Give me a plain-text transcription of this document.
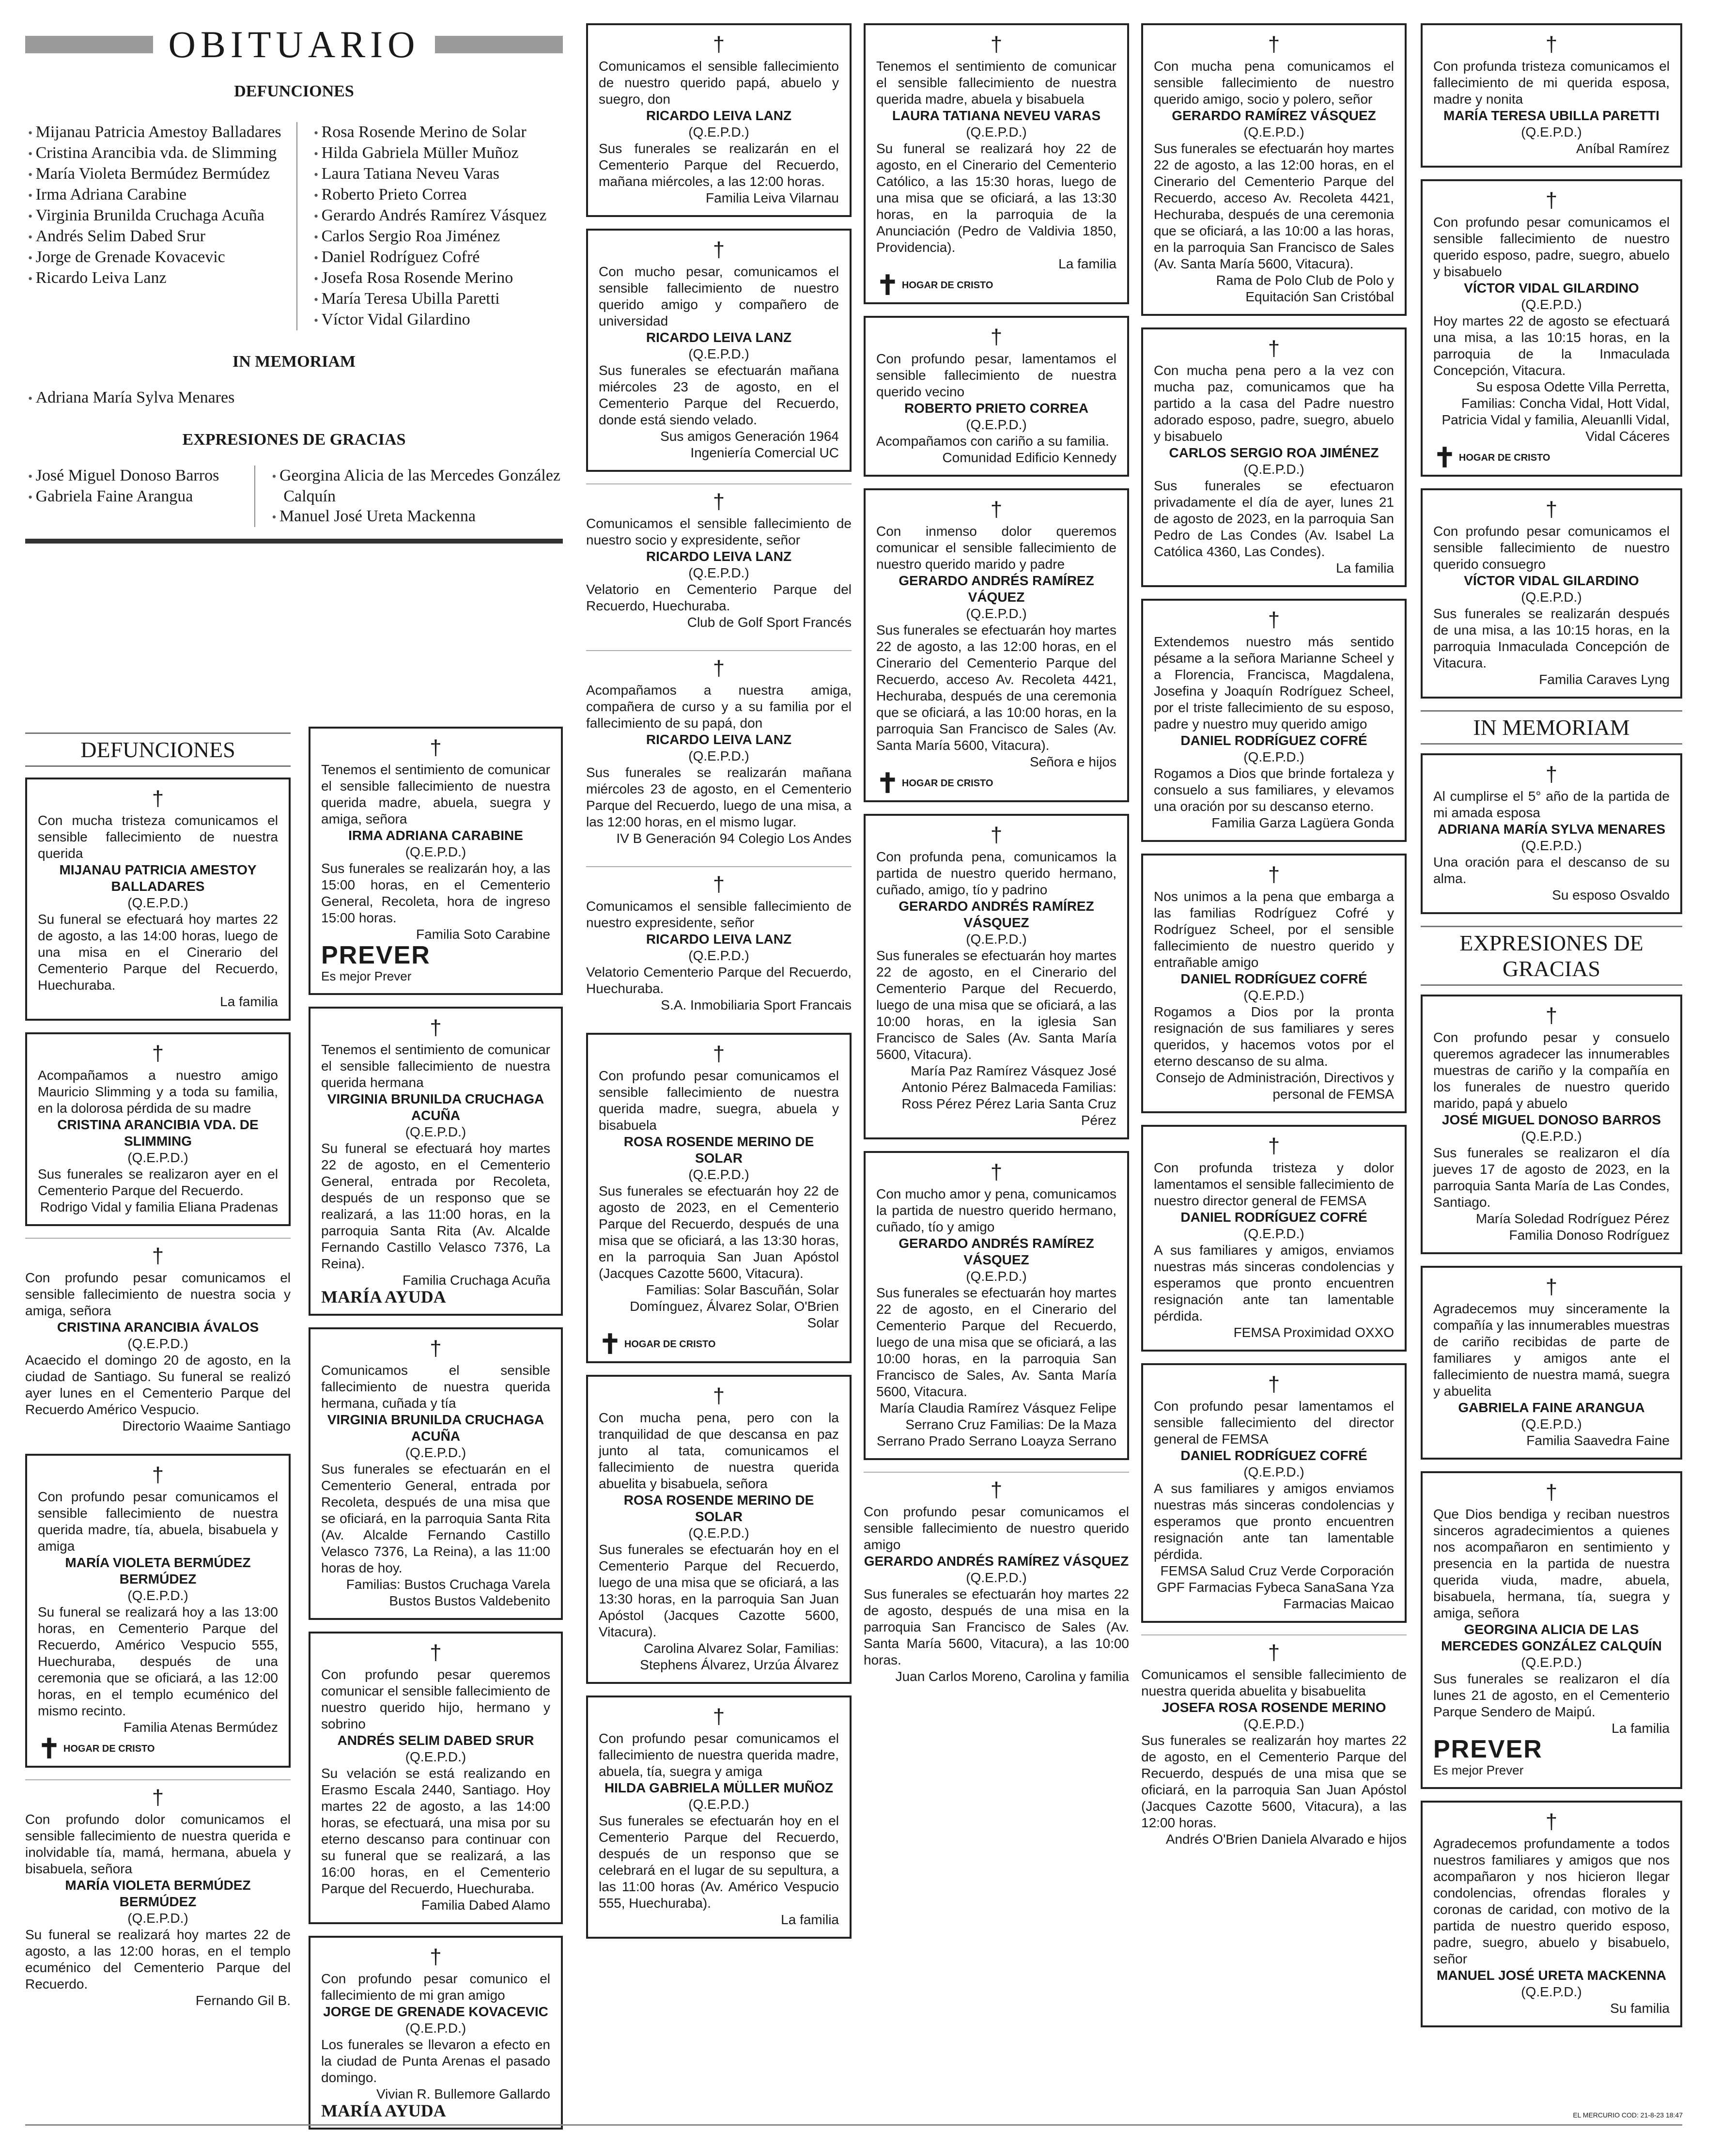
OBITUARIO
DEFUNCIONES
• Mijanau Patricia Amestoy Balladares
• Cristina Arancibia vda. de Slimming
• María Violeta Bermúdez Bermúdez
• Irma Adriana Carabine
• Virginia Brunilda Cruchaga Acuña
• Andrés Selim Dabed Srur
• Jorge de Grenade Kovacevic
• Ricardo Leiva Lanz
• Rosa Rosende Merino de Solar
• Hilda Gabriela Müller Muñoz
• Laura Tatiana Neveu Varas
• Roberto Prieto Correa
• Gerardo Andrés Ramírez Vásquez
• Carlos Sergio Roa Jiménez
• Daniel Rodríguez Cofré
• Josefa Rosa Rosende Merino
• María Teresa Ubilla Paretti
• Víctor Vidal Gilardino
IN MEMORIAM
• Adriana María Sylva Menares
EXPRESIONES DE GRACIAS
• José Miguel Donoso Barros
• Gabriela Faine Arangua
• Georgina Alicia de las Mercedes González Calquín
• Manuel José Ureta Mackenna
DEFUNCIONES
†
Con mucha tristeza comunicamos el sensible fallecimiento de nuestra querida
MIJANAU PATRICIA AMESTOY BALLADARES
(Q.E.P.D.)
Su funeral se efectuará hoy martes 22 de agosto, a las 14:00 horas, luego de una misa en el Cinerario del Cementerio Parque del Recuerdo, Huechuraba.
La familia
†
Acompañamos a nuestro amigo Mauricio Slimming y a toda su familia, en la dolorosa pérdida de su madre
CRISTINA ARANCIBIA VDA. DE SLIMMING
(Q.E.P.D.)
Sus funerales se realizaron ayer en el Cementerio Parque del Recuerdo.
Rodrigo Vidal y familia Eliana Pradenas
†
Con profundo pesar comunicamos el sensible fallecimiento de nuestra socia y amiga, señora
CRISTINA ARANCIBIA ÁVALOS
(Q.E.P.D.)
Acaecido el domingo 20 de agosto, en la ciudad de Santiago. Su funeral se realizó ayer lunes en el Cementerio Parque del Recuerdo Américo Vespucio.
Directorio Waaime Santiago
†
Con profundo pesar comunicamos el sensible fallecimiento de nuestra querida madre, tía, abuela, bisabuela y amiga
MARÍA VIOLETA BERMÚDEZ BERMÚDEZ
(Q.E.P.D.)
Su funeral se realizará hoy a las 13:00 horas, en Cementerio Parque del Recuerdo, Américo Vespucio 555, Huechuraba, después de una ceremonia que se oficiará, a las 12:00 horas, en el templo ecuménico del mismo recinto.
Familia Atenas Bermúdez
✝ HOGAR DE CRISTO
†
Con profundo dolor comunicamos el sensible fallecimiento de nuestra querida e inolvidable tía, mamá, hermana, abuela y bisabuela, señora
MARÍA VIOLETA BERMÚDEZ BERMÚDEZ
(Q.E.P.D.)
Su funeral se realizará hoy martes 22 de agosto, a las 12:00 horas, en el templo ecuménico del Cementerio Parque del Recuerdo.
Fernando Gil B.
†
Tenemos el sentimiento de comunicar el sensible fallecimiento de nuestra querida madre, abuela, suegra y amiga, señora
IRMA ADRIANA CARABINE
(Q.E.P.D.)
Sus funerales se realizarán hoy, a las 15:00 horas, en el Cementerio General, Recoleta, hora de ingreso 15:00 horas.
Familia Soto Carabine
PREVER
Es mejor Prever
†
Tenemos el sentimiento de comunicar el sensible fallecimiento de nuestra querida hermana
VIRGINIA BRUNILDA CRUCHAGA ACUÑA
(Q.E.P.D.)
Su funeral se efectuará hoy martes 22 de agosto, en el Cementerio General, entrada por Recoleta, después de un responso que se realizará, a las 11:00 horas, en la parroquia Santa Rita (Av. Alcalde Fernando Castillo Velasco 7376, La Reina).
Familia Cruchaga Acuña
MARÍA AYUDA
†
Comunicamos el sensible fallecimiento de nuestra querida hermana, cuñada y tía
VIRGINIA BRUNILDA CRUCHAGA ACUÑA
(Q.E.P.D.)
Sus funerales se efectuarán en el Cementerio General, entrada por Recoleta, después de una misa que se oficiará, en la parroquia Santa Rita (Av. Alcalde Fernando Castillo Velasco 7376, La Reina), a las 11:00 horas de hoy.
Familias: Bustos Cruchaga Varela Bustos Bustos Valdebenito
†
Con profundo pesar queremos comunicar el sensible fallecimiento de nuestro querido hijo, hermano y sobrino
ANDRÉS SELIM DABED SRUR
(Q.E.P.D.)
Su velación se está realizando en Erasmo Escala 2440, Santiago. Hoy martes 22 de agosto, a las 14:00 horas, se efectuará, una misa por su eterno descanso para continuar con su funeral que se realizará, a las 16:00 horas, en el Cementerio Parque del Recuerdo, Huechuraba.
Familia Dabed Alamo
†
Con profundo pesar comunico el fallecimiento de mi gran amigo
JORGE DE GRENADE KOVACEVIC
(Q.E.P.D.)
Los funerales se llevaron a efecto en la ciudad de Punta Arenas el pasado domingo.
Vivian R. Bullemore Gallardo
MARÍA AYUDA
†
Comunicamos el sensible fallecimiento de nuestro querido papá, abuelo y suegro, don
RICARDO LEIVA LANZ
(Q.E.P.D.)
Sus funerales se realizarán en el Cementerio Parque del Recuerdo, mañana miércoles, a las 12:00 horas.
Familia Leiva Vilarnau
†
Con mucho pesar, comunicamos el sensible fallecimiento de nuestro querido amigo y compañero de universidad
RICARDO LEIVA LANZ
(Q.E.P.D.)
Sus funerales se efectuarán mañana miércoles 23 de agosto, en el Cementerio Parque del Recuerdo, donde está siendo velado.
Sus amigos Generación 1964 Ingeniería Comercial UC
†
Comunicamos el sensible fallecimiento de nuestro socio y expresidente, señor
RICARDO LEIVA LANZ
(Q.E.P.D.)
Velatorio en Cementerio Parque del Recuerdo, Huechuraba.
Club de Golf Sport Francés
†
Acompañamos a nuestra amiga, compañera de curso y a su familia por el fallecimiento de su papá, don
RICARDO LEIVA LANZ
(Q.E.P.D.)
Sus funerales se realizarán mañana miércoles 23 de agosto, en el Cementerio Parque del Recuerdo, luego de una misa, a las 12:00 horas, en el mismo lugar.
IV B Generación 94 Colegio Los Andes
†
Comunicamos el sensible fallecimiento de nuestro expresidente, señor
RICARDO LEIVA LANZ
(Q.E.P.D.)
Velatorio Cementerio Parque del Recuerdo, Huechuraba.
S.A. Inmobiliaria Sport Francais
†
Con profundo pesar comunicamos el sensible fallecimiento de nuestra querida madre, suegra, abuela y bisabuela
ROSA ROSENDE MERINO DE SOLAR
(Q.E.P.D.)
Sus funerales se efectuarán hoy 22 de agosto de 2023, en el Cementerio Parque del Recuerdo, después de una misa que se oficiará, a las 13:30 horas, en la parroquia San Juan Apóstol (Jacques Cazotte 5600, Vitacura).
Familias: Solar Bascuñán, Solar Domínguez, Álvarez Solar, O'Brien Solar
✝ HOGAR DE CRISTO
†
Con mucha pena, pero con la tranquilidad de que descansa en paz junto al tata, comunicamos el fallecimiento de nuestra querida abuelita y bisabuela, señora
ROSA ROSENDE MERINO DE SOLAR
(Q.E.P.D.)
Sus funerales se efectuarán hoy en el Cementerio Parque del Recuerdo, luego de una misa que se oficiará, a las 13:30 horas, en la parroquia San Juan Apóstol (Jacques Cazotte 5600, Vitacura).
Carolina Alvarez Solar, Familias: Stephens Álvarez, Urzúa Álvarez
†
Con profundo pesar comunicamos el fallecimiento de nuestra querida madre, abuela, tía, suegra y amiga
HILDA GABRIELA MÜLLER MUÑOZ
(Q.E.P.D.)
Sus funerales se efectuarán hoy en el Cementerio Parque del Recuerdo, después de un responso que se celebrará en el lugar de su sepultura, a las 11:00 horas (Av. Américo Vespucio 555, Huechuraba).
La familia
†
Tenemos el sentimiento de comunicar el sensible fallecimiento de nuestra querida madre, abuela y bisabuela
LAURA TATIANA NEVEU VARAS
(Q.E.P.D.)
Su funeral se realizará hoy 22 de agosto, en el Cinerario del Cementerio Católico, a las 15:30 horas, luego de una misa que se oficiará, a las 13:30 horas, en la parroquia de la Anunciación (Pedro de Valdivia 1850, Providencia).
La familia
✝ HOGAR DE CRISTO
†
Con profundo pesar, lamentamos el sensible fallecimiento de nuestra querido vecino
ROBERTO PRIETO CORREA
(Q.E.P.D.)
Acompañamos con cariño a su familia.
Comunidad Edificio Kennedy
†
Con inmenso dolor queremos comunicar el sensible fallecimiento de nuestro querido marido y padre
GERARDO ANDRÉS RAMÍREZ VÁQUEZ
(Q.E.P.D.)
Sus funerales se efectuarán hoy martes 22 de agosto, a las 12:00 horas, en el Cinerario del Cementerio Parque del Recuerdo, acceso Av. Recoleta 4421, Hechuraba, después de una ceremonia que se oficiará, a las 10:00 horas, en la parroquia San Francisco de Sales (Av. Santa María 5600, Vitacura).
Señora e hijos
✝ HOGAR DE CRISTO
†
Con profunda pena, comunicamos la partida de nuestro querido hermano, cuñado, amigo, tío y padrino
GERARDO ANDRÉS RAMÍREZ VÁSQUEZ
(Q.E.P.D.)
Sus funerales se efectuarán hoy martes 22 de agosto, en el Cinerario del Cementerio Parque del Recuerdo, luego de una misa que se oficiará, a las 10:00 horas, en la iglesia San Francisco de Sales (Av. Santa María 5600, Vitacura).
María Paz Ramírez Vásquez José Antonio Pérez Balmaceda Familias: Ross Pérez Pérez Laria Santa Cruz Pérez
†
Con mucho amor y pena, comunicamos la partida de nuestro querido hermano, cuñado, tío y amigo
GERARDO ANDRÉS RAMÍREZ VÁSQUEZ
(Q.E.P.D.)
Sus funerales se efectuarán hoy martes 22 de agosto, en el Cinerario del Cementerio Parque del Recuerdo, luego de una misa que se oficiará, a las 10:00 horas, en la parroquia San Francisco de Sales, Av. Santa María 5600, Vitacura.
María Claudia Ramírez Vásquez Felipe Serrano Cruz Familias: De la Maza Serrano Prado Serrano Loayza Serrano
†
Con profundo pesar comunicamos el sensible fallecimiento de nuestro querido amigo
GERARDO ANDRÉS RAMÍREZ VÁSQUEZ
(Q.E.P.D.)
Sus funerales se efectuarán hoy martes 22 de agosto, después de una misa en la parroquia San Francisco de Sales (Av. Santa María 5600, Vitacura), a las 10:00 horas.
Juan Carlos Moreno, Carolina y familia
†
Con mucha pena comunicamos el sensible fallecimiento de nuestro querido amigo, socio y polero, señor
GERARDO RAMÍREZ VÁSQUEZ
(Q.E.P.D.)
Sus funerales se efectuarán hoy martes 22 de agosto, a las 12:00 horas, en el Cinerario del Cementerio Parque del Recuerdo, acceso Av. Recoleta 4421, Hechuraba, después de una ceremonia que se oficiará, a las 10:00 a las horas, en la parroquia San Francisco de Sales (Av. Santa María 5600, Vitacura).
Rama de Polo Club de Polo y Equitación San Cristóbal
†
Con mucha pena pero a la vez con mucha paz, comunicamos que ha partido a la casa del Padre nuestro adorado esposo, padre, suegro, abuelo y bisabuelo
CARLOS SERGIO ROA JIMÉNEZ
(Q.E.P.D.)
Sus funerales se efectuaron privadamente el día de ayer, lunes 21 de agosto de 2023, en la parroquia San Pedro de Las Condes (Av. Isabel La Católica 4360, Las Condes).
La familia
†
Extendemos nuestro más sentido pésame a la señora Marianne Scheel y a Florencia, Francisca, Magdalena, Josefina y Joaquín Rodríguez Scheel, por el triste fallecimiento de su esposo, padre y nuestro muy querido amigo
DANIEL RODRÍGUEZ COFRÉ
(Q.E.P.D.)
Rogamos a Dios que brinde fortaleza y consuelo a sus familiares, y elevamos una oración por su descanso eterno.
Familia Garza Lagüera Gonda
†
Nos unimos a la pena que embarga a las familias Rodríguez Cofré y Rodríguez Scheel, por el sensible fallecimiento de nuestro querido y entrañable amigo
DANIEL RODRÍGUEZ COFRÉ
(Q.E.P.D.)
Rogamos a Dios por la pronta resignación de sus familiares y seres queridos, y hacemos votos por el eterno descanso de su alma.
Consejo de Administración, Directivos y personal de FEMSA
†
Con profunda tristeza y dolor lamentamos el sensible fallecimiento de nuestro director general de FEMSA
DANIEL RODRÍGUEZ COFRÉ
(Q.E.P.D.)
A sus familiares y amigos, enviamos nuestras más sinceras condolencias y esperamos que pronto encuentren resignación ante tan lamentable pérdida.
FEMSA Proximidad OXXO
†
Con profundo pesar lamentamos el sensible fallecimiento del director general de FEMSA
DANIEL RODRÍGUEZ COFRÉ
(Q.E.P.D.)
A sus familiares y amigos enviamos nuestras más sinceras condolencias y esperamos que pronto encuentren resignación ante tan lamentable pérdida.
FEMSA Salud Cruz Verde Corporación GPF Farmacias Fybeca SanaSana Yza Farmacias Maicao
†
Comunicamos el sensible fallecimiento de nuestra querida abuelita y bisabuelita
JOSEFA ROSA ROSENDE MERINO
(Q.E.P.D.)
Sus funerales se realizarán hoy martes 22 de agosto, en el Cementerio Parque del Recuerdo, después de una misa que se oficiará, en la parroquia San Juan Apóstol (Jacques Cazotte 5600, Vitacura), a las 12:00 horas.
Andrés O'Brien Daniela Alvarado e hijos
†
Con profunda tristeza comunicamos el fallecimiento de mi querida esposa, madre y nonita
MARÍA TERESA UBILLA PARETTI
(Q.E.P.D.)
Aníbal Ramírez
†
Con profundo pesar comunicamos el sensible fallecimiento de nuestro querido esposo, padre, suegro, abuelo y bisabuelo
VÍCTOR VIDAL GILARDINO
(Q.E.P.D.)
Hoy martes 22 de agosto se efectuará una misa, a las 10:15 horas, en la parroquia de la Inmaculada Concepción, Vitacura.
Su esposa Odette Villa Perretta, Familias: Concha Vidal, Hott Vidal, Patricia Vidal y familia, Aleuanlli Vidal, Vidal Cáceres
✝ HOGAR DE CRISTO
†
Con profundo pesar comunicamos el sensible fallecimiento de nuestro querido consuegro
VÍCTOR VIDAL GILARDINO
(Q.E.P.D.)
Sus funerales se realizarán después de una misa, a las 10:15 horas, en la parroquia Inmaculada Concepción de Vitacura.
Familia Caraves Lyng
IN MEMORIAM
†
Al cumplirse el 5° año de la partida de mi amada esposa
ADRIANA MARÍA SYLVA MENARES
(Q.E.P.D.)
Una oración para el descanso de su alma.
Su esposo Osvaldo
EXPRESIONES DE GRACIAS
†
Con profundo pesar y consuelo queremos agradecer las innumerables muestras de cariño y la compañía en los funerales de nuestro querido marido, papá y abuelo
JOSÉ MIGUEL DONOSO BARROS
(Q.E.P.D.)
Sus funerales se realizaron el día jueves 17 de agosto de 2023, en la parroquia Santa María de Las Condes, Santiago.
María Soledad Rodríguez Pérez Familia Donoso Rodríguez
†
Agradecemos muy sinceramente la compañía y las innumerables muestras de cariño recibidas de parte de familiares y amigos ante el fallecimiento de nuestra mamá, suegra y abuelita
GABRIELA FAINE ARANGUA
(Q.E.P.D.)
Familia Saavedra Faine
†
Que Dios bendiga y reciban nuestros sinceros agradecimientos a quienes nos acompañaron en sentimiento y presencia en la partida de nuestra querida viuda, madre, abuela, bisabuela, hermana, tía, suegra y amiga, señora
GEORGINA ALICIA DE LAS MERCEDES GONZÁLEZ CALQUÍN
(Q.E.P.D.)
Sus funerales se realizaron el día lunes 21 de agosto, en el Cementerio Parque Sendero de Maipú.
La familia
PREVER
Es mejor Prever
†
Agradecemos profundamente a todos nuestros familiares y amigos que nos acompañaron y nos hicieron llegar condolencias, ofrendas florales y coronas de caridad, con motivo de la partida de nuestro querido esposo, padre, suegro, abuelo y bisabuelo, señor
MANUEL JOSÉ URETA MACKENNA
(Q.E.P.D.)
Su familia
EL MERCURIO COD: 21-8-23 18:47
